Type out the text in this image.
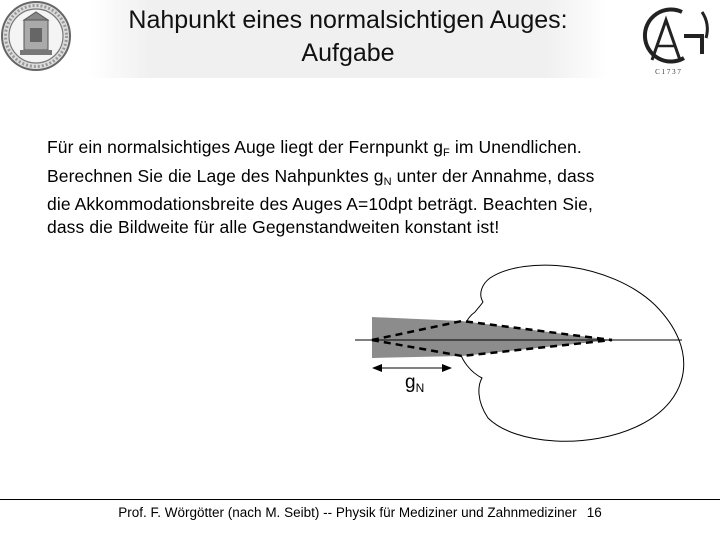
Nahpunkt eines normalsichtigen Auges:
Aufgabe
C 1 7 3 7

Für ein normalsichtiges Auge liegt der Fernpunkt $g_F$ im Unendlichen.

Berechnen Sie die Lage des Nahpunktes $g_N$ unter der Annahme, dass

die Akkommodationsbreite des Auges A=10dpt beträgt. Beachten Sie,

dass die Bildweite für alle Gegenstandweiten konstant ist!

$g_N$
Prof. F. Wörgötter (nach M. Seibt) -- Physik für Mediziner und Zahnmediziner 16
